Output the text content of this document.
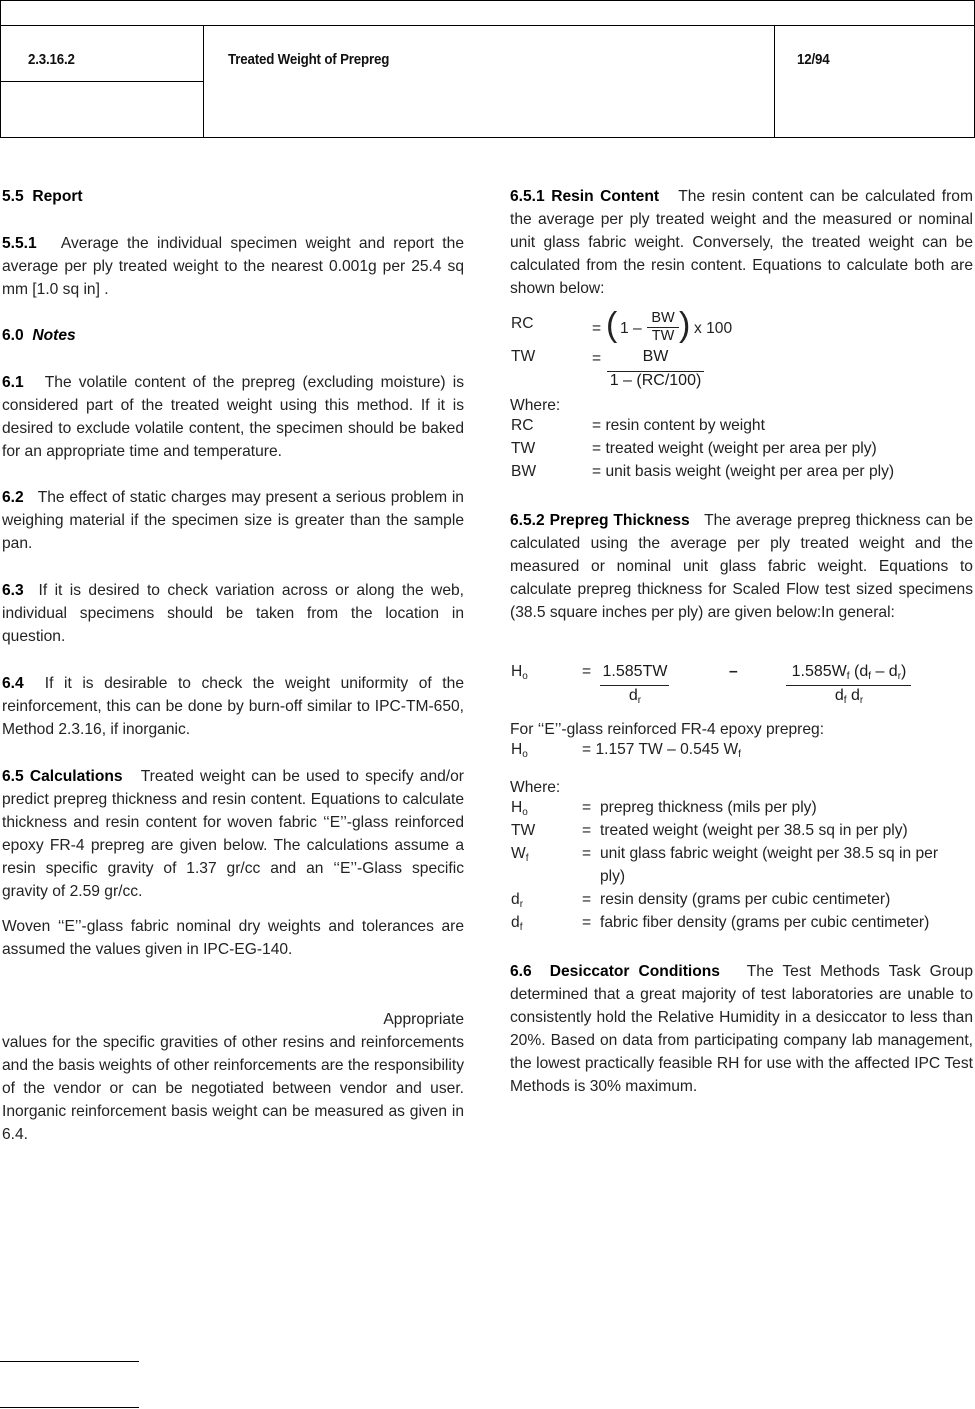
2.3.16.2	Treated Weight of Prepreg	12/94
5.5 Report

5.5.1 Average the individual specimen weight and report the average per ply treated weight to the nearest 0.001g per 25.4 sq mm [1.0 sq in] .

6.0 Notes

6.1 The volatile content of the prepreg (excluding moisture) is considered part of the treated weight using this method. If it is desired to exclude volatile content, the specimen should be baked for an appropriate time and temperature.

6.2 The effect of static charges may present a serious problem in weighing material if the specimen size is greater than the sample pan.

6.3 If it is desired to check variation across or along the web, individual specimens should be taken from the location in question.

6.4 If it is desirable to check the weight uniformity of the reinforcement, this can be done by burn-off similar to IPC-TM-650, Method 2.3.16, if inorganic.

6.5 Calculations Treated weight can be used to specify and/or predict prepreg thickness and resin content. Equations to calculate thickness and resin content for woven fabric ‘‘E’’-glass reinforced epoxy FR-4 prepreg are given below. The calculations assume a resin specific gravity of 1.37 gr/cc and an ‘‘E’’-Glass specific gravity of 2.59 gr/cc.

Woven ‘‘E’’-glass fabric nominal dry weights and tolerances are assumed the values given in IPC-EG-140.

Appropriate

values for the specific gravities of other resins and reinforcements and the basis weights of other reinforcements are the responsibility of the vendor or can be negotiated between vendor and user. Inorganic reinforcement basis weight can be measured as given in 6.4.

6.5.1 Resin Content The resin content can be calculated from the average per ply treated weight and the measured or nominal unit glass fabric weight. Conversely, the treated weight can be calculated from the resin content. Equations to calculate both are shown below:

RC	= ( 1 –
BW
TW ) x 100
TW	=	BW
1 – (RC/100)
Where:
RC	= resin content by weight
TW	= treated weight (weight per area per ply)
BW	= unit basis weight (weight per area per ply)

6.5.2 Prepreg Thickness The average prepreg thickness can be calculated using the average per ply treated weight and the measured or nominal unit glass fabric weight. Equations to calculate prepreg thickness for Scaled Flow test sized specimens (38.5 square inches per ply) are given below:In general:

$H_o$	= 1.585TW
$d_r$
–	$1.585W_f$ $(d_f - d_r)$
$d_f$ $d_r$
For ‘‘E’’-glass reinforced FR-4 epoxy prepreg:
$H_o$	= 1.157 TW – 0.545 $W_f$
Where:
$H_o$	= prepreg thickness (mils per ply)
TW	= treated weight (weight per 38.5 sq in per ply)
$W_f$	= unit glass fabric weight (weight per 38.5 sq in per
ply)
$d_r$	= resin density (grams per cubic centimeter)
$d_f$	= fabric fiber density (grams per cubic centimeter)

6.6 Desiccator Conditions The Test Methods Task Group determined that a great majority of test laboratories are unable to consistently hold the Relative Humidity in a desiccator to less than 20%. Based on data from participating company lab management, the lowest practically feasible RH for use with the affected IPC Test Methods is 30% maximum.
